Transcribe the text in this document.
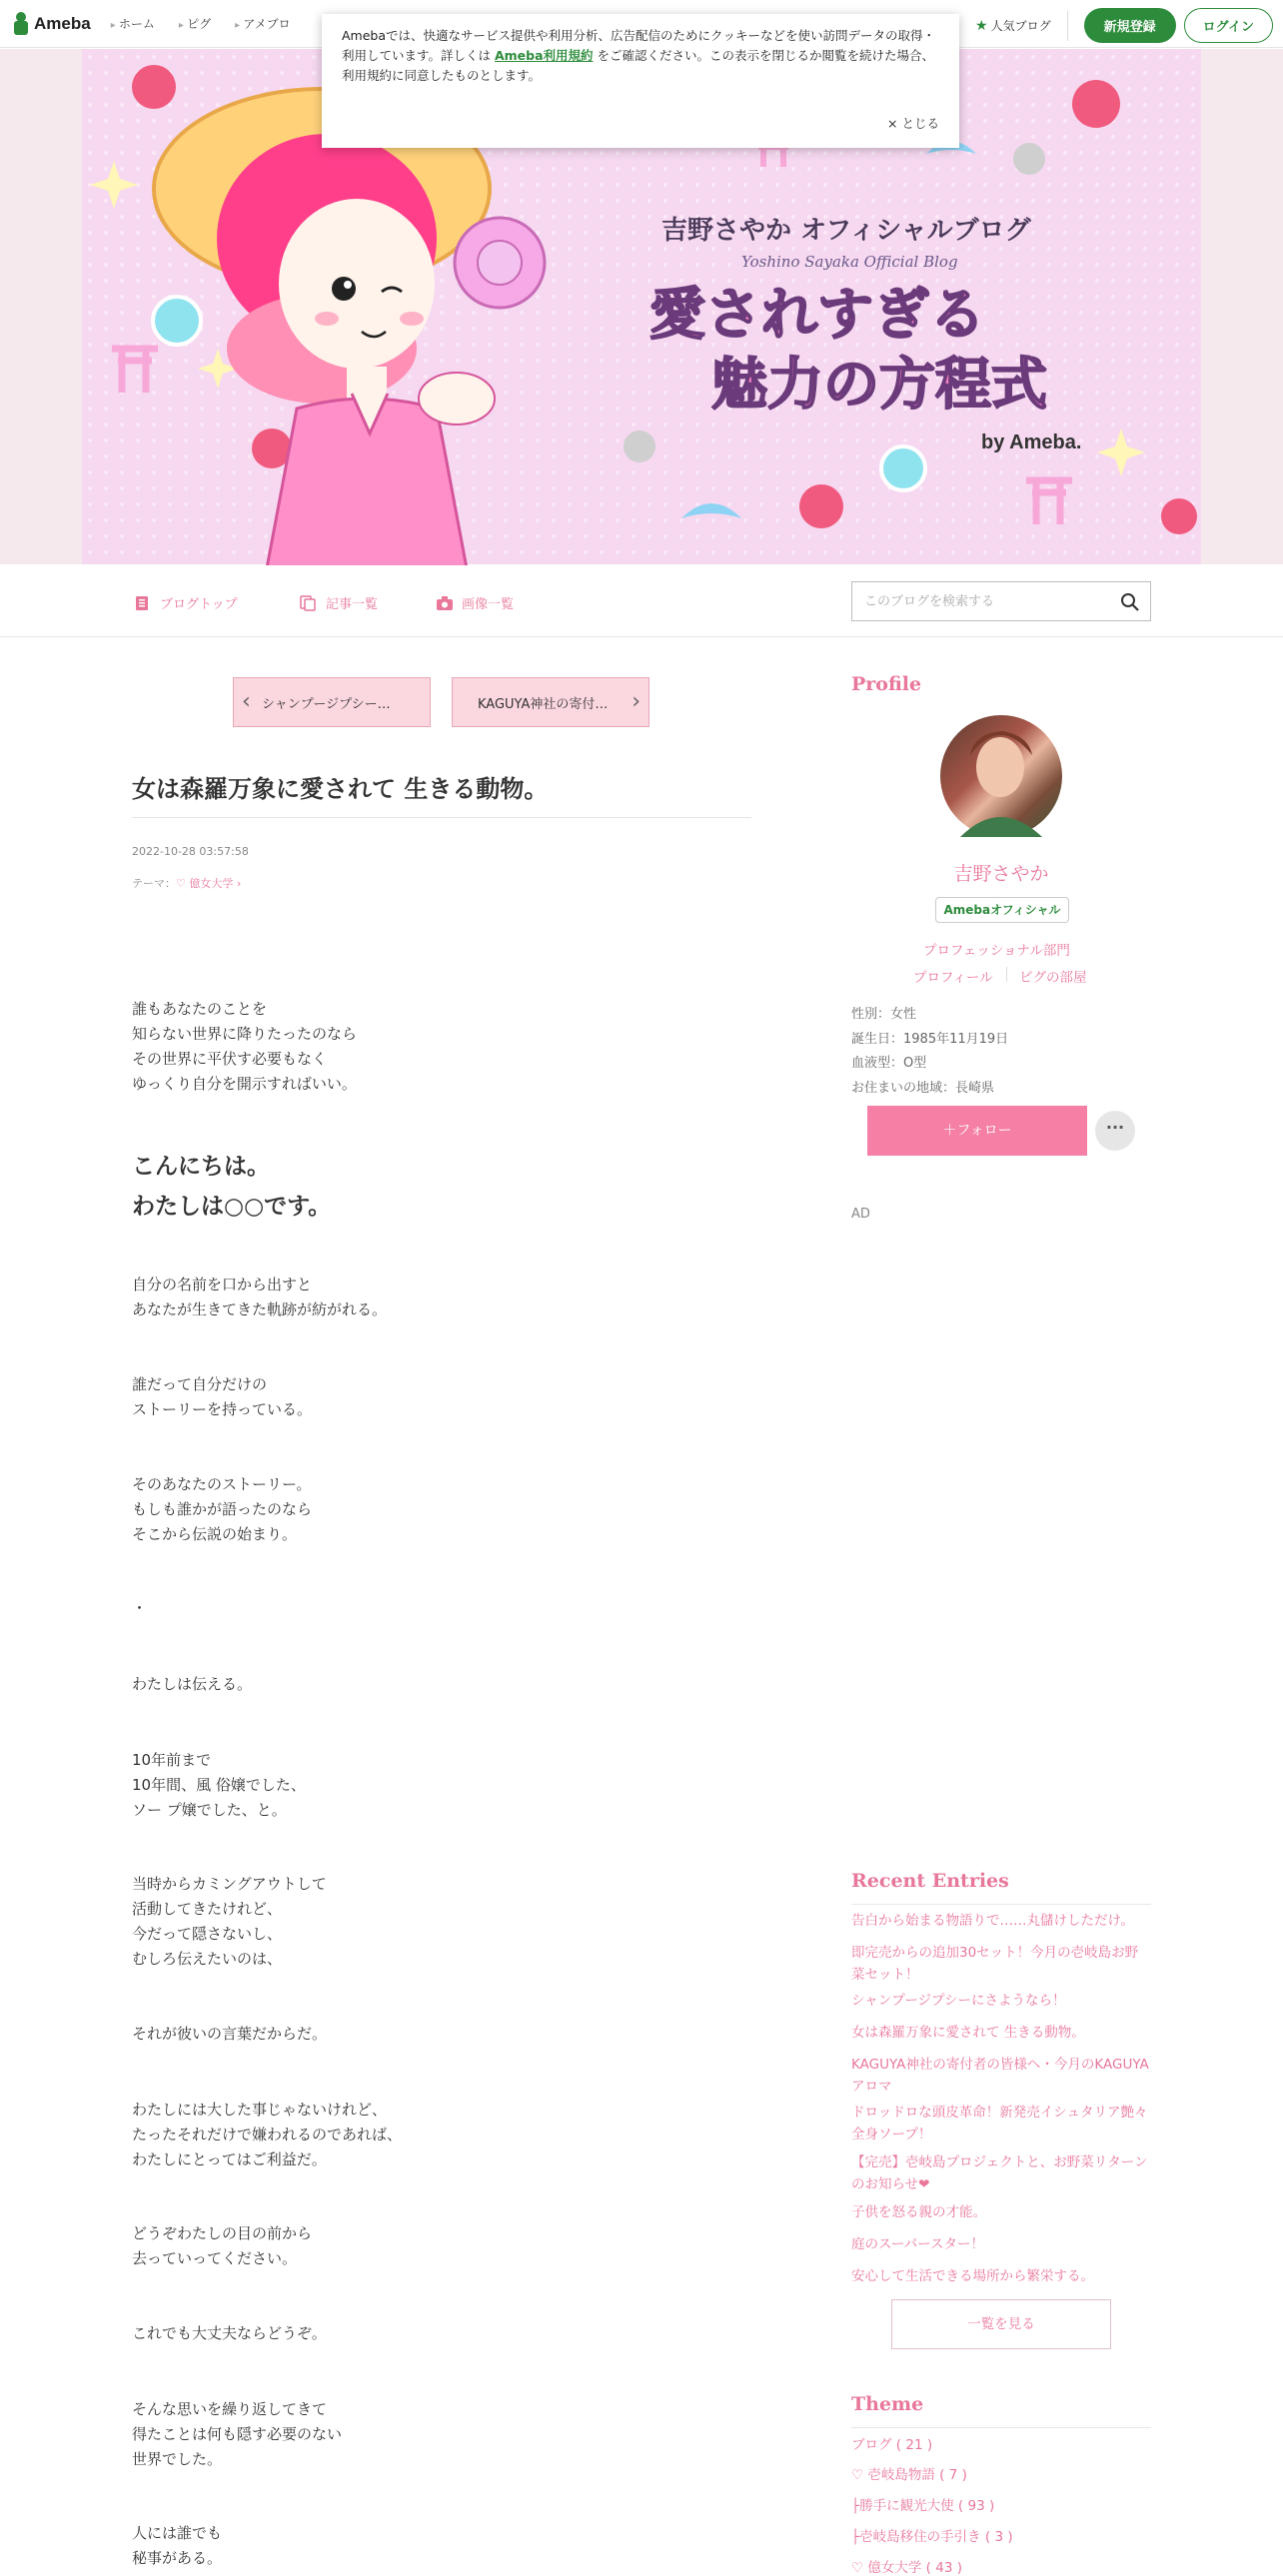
Ameba	▸ ホーム	▸ ピグ	▸ アメブロ	★ 人気ブログ	新規登録	ログイン
吉野さやか オフィシャルブログ
Yoshino Sayaka Official Blog
愛されすぎる
魅力の方程式
by Ameba.
Amebaでは、快適なサービス提供や利用分析、広告配信のためにクッキーなどを使い訪問データの取得・利用しています。詳しくは Ameba利用規約 をご確認ください。この表示を閉じるか閲覧を続けた場合、利用規約に同意したものとします。
× とじる
ブログトップ	記事一覧	画像一覧
このブログを検索する
‹ シャンプージプシー…	KAGUYA神社の寄付… ›
女は森羅万象に愛されて 生きる動物。
2022-10-28 03:57:58
テーマ：♡ 億女大学 ›
誰もあなたのことを
知らない世界に降りたったのなら
その世界に平伏す必要もなく
ゆっくり自分を開示すればいい。
こんにちは。
わたしは○○です。
自分の名前を口から出すと
あなたが生きてきた軌跡が紡がれる。
誰だって自分だけの
ストーリーを持っている。
そのあなたのストーリー。
もしも誰かが語ったのなら
そこから伝説の始まり。
・
わたしは伝える。
10年前まで
10年間、風 俗嬢でした、
ソー プ嬢でした、と。
当時からカミングアウトして
活動してきたけれど、
今だって隠さないし、
むしろ伝えたいのは、
それが彼いの言葉だからだ。
わたしには大した事じゃないけれど、
たったそれだけで嫌われるのであれば、
わたしにとってはご利益だ。
どうぞわたしの目の前から
去っていってください。
これでも大丈夫ならどうぞ。
そんな思いを繰り返してきて
得たことは何も隠す必要のない
世界でした。
人には誰でも
秘事がある。
Profile
吉野さやか
Amebaオフィシャル
プロフェッショナル部門
プロフィール ピグの部屋
性別：女性
誕生日：1985年11月19日
血液型：O型
お住まいの地域：長崎県
＋フォロー	···
AD
Recent Entries
告白から始まる物語りで……丸儲けしただけ。
即完売からの追加30セット！今月の壱岐島お野菜セット！
シャンプージプシーにさようなら！
女は森羅万象に愛されて 生きる動物。
KAGUYA神社の寄付者の皆様へ・今月のKAGUYAアロマ
ドロッドロな頭皮革命！新発売イシュタリア艶々全身ソープ！
【完売】壱岐島プロジェクトと、お野菜リターンのお知らせ❤
子供を怒る親の才能。
庭のスーパースター！
安心して生活できる場所から繁栄する。
一覧を見る
Theme
ブログ ( 21 )
♡ 壱岐島物語 ( 7 )
├勝手に観光大使 ( 93 )
├壱岐島移住の手引き ( 3 )
♡ 億女大学 ( 43 )
